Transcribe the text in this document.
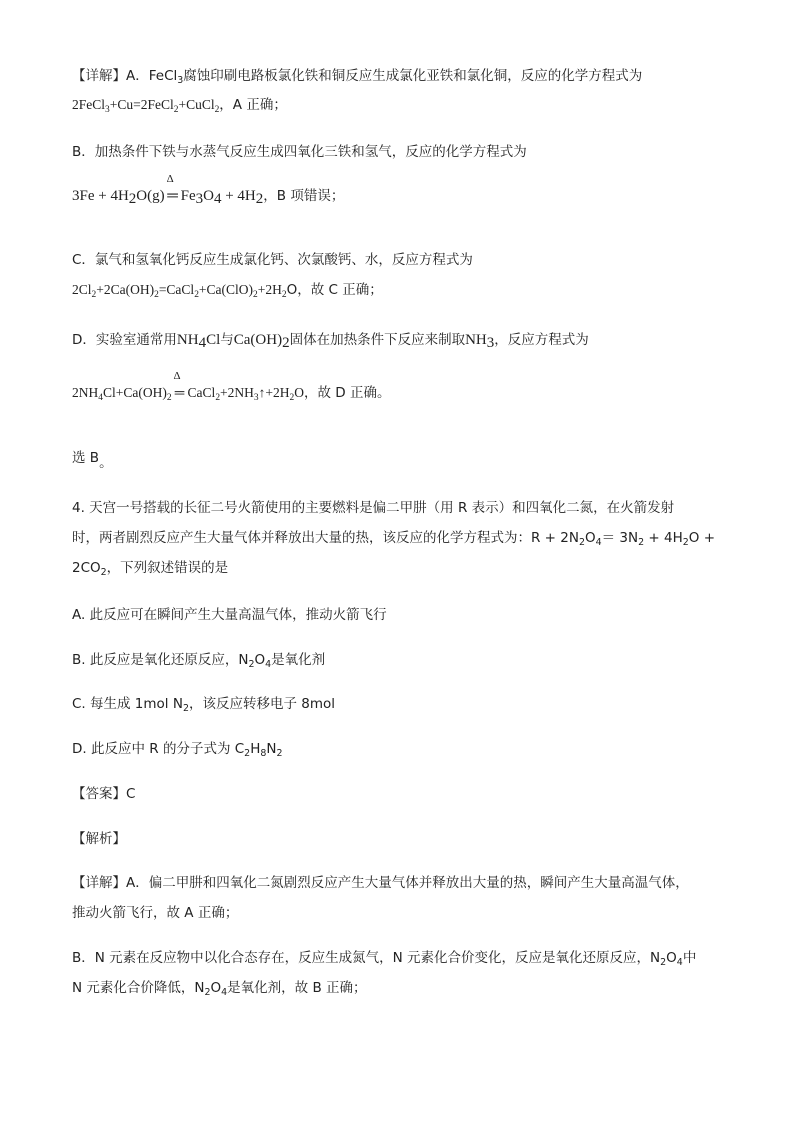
【详解】A．FeCl$_3$腐蚀印刷电路板氯化铁和铜反应生成氯化亚铁和氯化铜，反应的化学方程式为
2FeCl$_3$+Cu=2FeCl$_2$+CuCl$_2$，A 正确；
B．加热条件下铁与水蒸气反应生成四氧化三铁和氢气，反应的化学方程式为
$3Fe + 4H_2O(g)$
Δ
═ $Fe_3O_4 + 4H_2$，B 项错误；
C．氯气和氢氧化钙反应生成氯化钙、次氯酸钙、水，反应方程式为
$2Cl_2+2Ca(OH)_2=CaCl_2+Ca(ClO)_2+2H_2O$，故 C 正确；
D．实验室通常用$NH_4Cl$与$Ca(OH)_2$固体在加热条件下反应来制取$NH_3$，反应方程式为
$2NH_4Cl+Ca(OH)_2$
Δ
═ $CaCl_2+2NH_3↑+2H_2O$，故 D 正确。
选 B。
4. 天宫一号搭载的长征二号火箭使用的主要燃料是偏二甲肼（用 R 表示）和四氧化二氮，在火箭发射
时，两者剧烈反应产生大量气体并释放出大量的热，该反应的化学方程式为：$R + 2N_2O_4= 3N_2 + 4H_2O$ +
$2CO_2$，下列叙述错误的是
A. 此反应可在瞬间产生大量高温气体，推动火箭飞行
B. 此反应是氧化还原反应，$N_2O_4$是氧化剂
C. 每生成 1mol $N_2$，该反应转移电子 8mol
D. 此反应中 R 的分子式为 $C_2H_8N_2$
【答案】C
【解析】
【详解】A．偏二甲肼和四氧化二氮剧烈反应产生大量气体并释放出大量的热，瞬间产生大量高温气体，
推动火箭飞行，故 A 正确；
B．N 元素在反应物中以化合态存在，反应生成氮气，N 元素化合价变化，反应是氧化还原反应，$N_2O_4$中
N 元素化合价降低，$N_2O_4$是氧化剂，故 B 正确；
